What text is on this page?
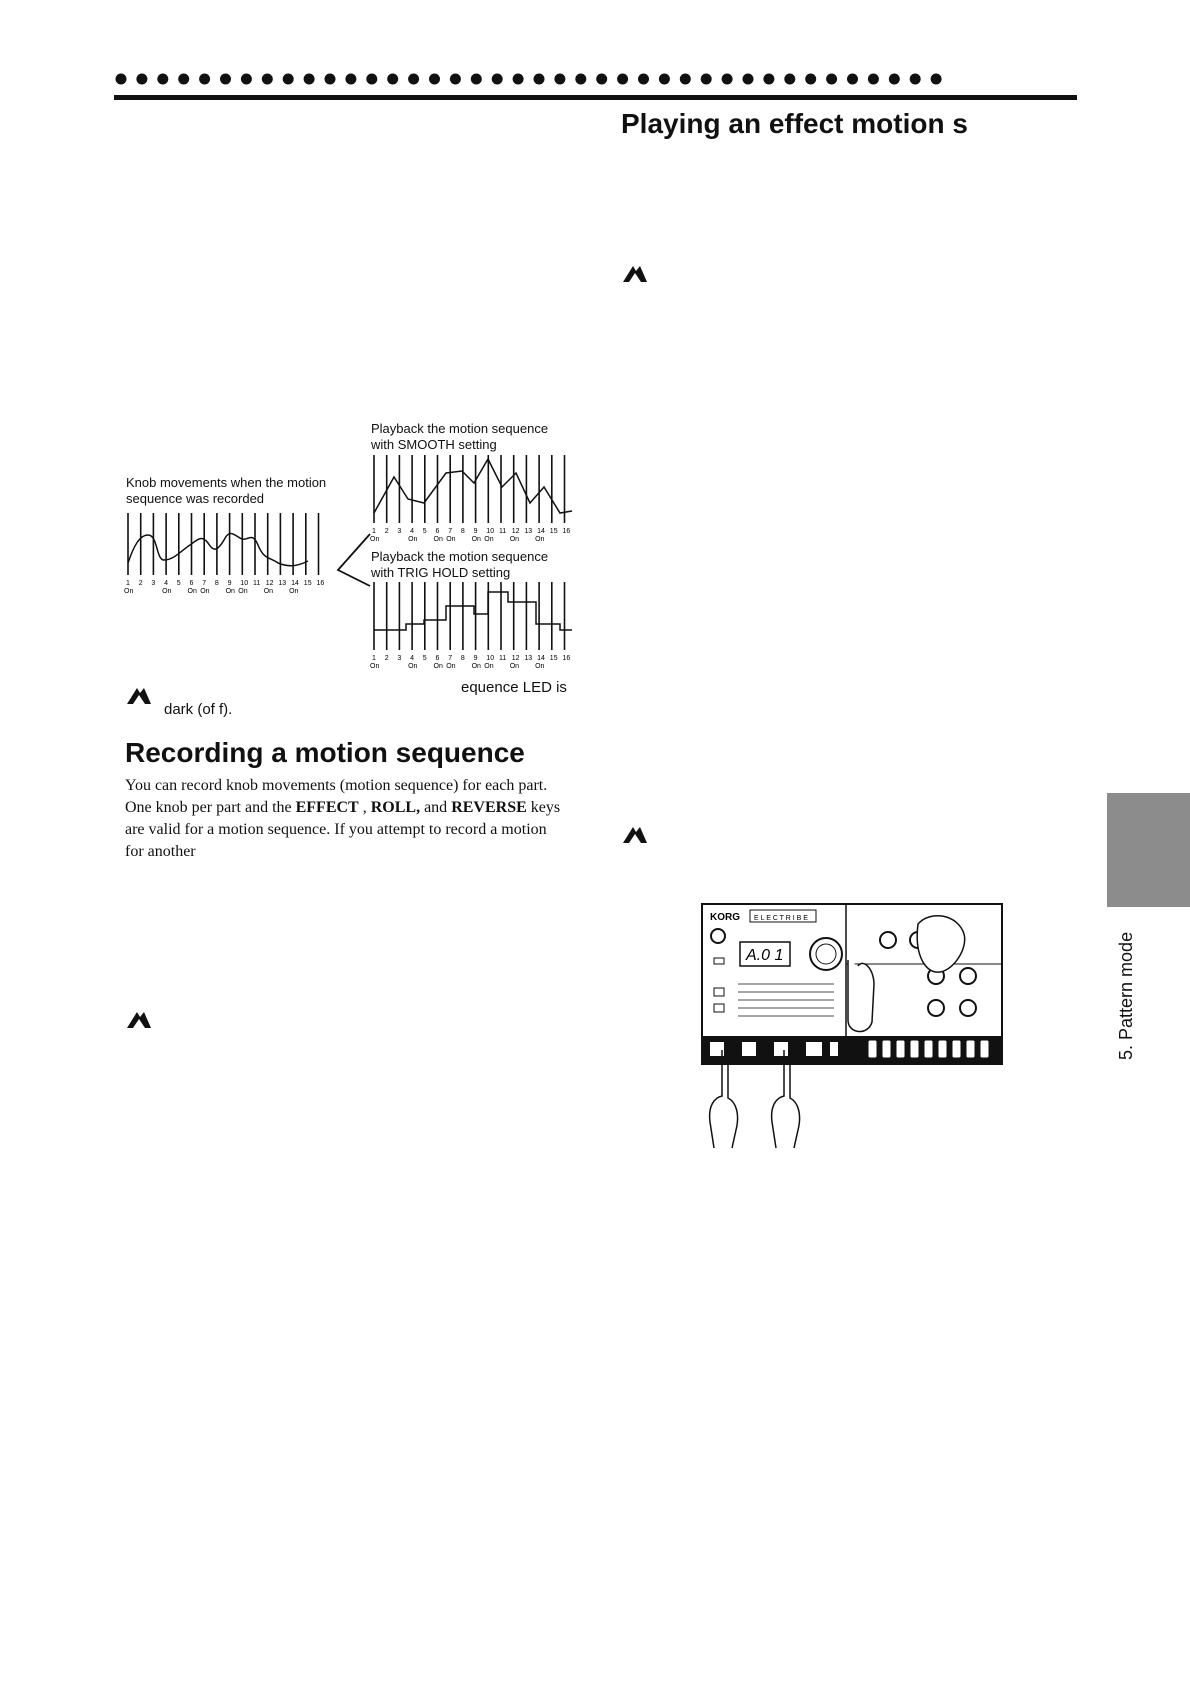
Playing an effect motion s
Knob movements when the motion
sequence was recorded
Playback the motion sequence
with SMOOTH setting
Playback the motion sequence
with TRIG HOLD setting
1
On
2 3 4
On
5 6
On
7
On
8 9
On
10
On
11 12
On
13 14
On
15 16
1
On
2 3 4
On
5 6
On
7
On
8 9
On
10
On
11 12
On
13 14
On
15 16
1
On
2 3 4
On
5 6
On
7
On
8 9
On
10
On
11 12
On
13 14
On
15 16
equence LED is
dark (of f).
Recording a motion sequence

You can record knob movements (motion sequence) for each part.

One knob per part and the EFFECT , ROLL, and REVERSE keys

are valid for a motion sequence. If you attempt to record a motion

for another

KORG E L E C T R I B E
A.0 1	5. Pattern mode
